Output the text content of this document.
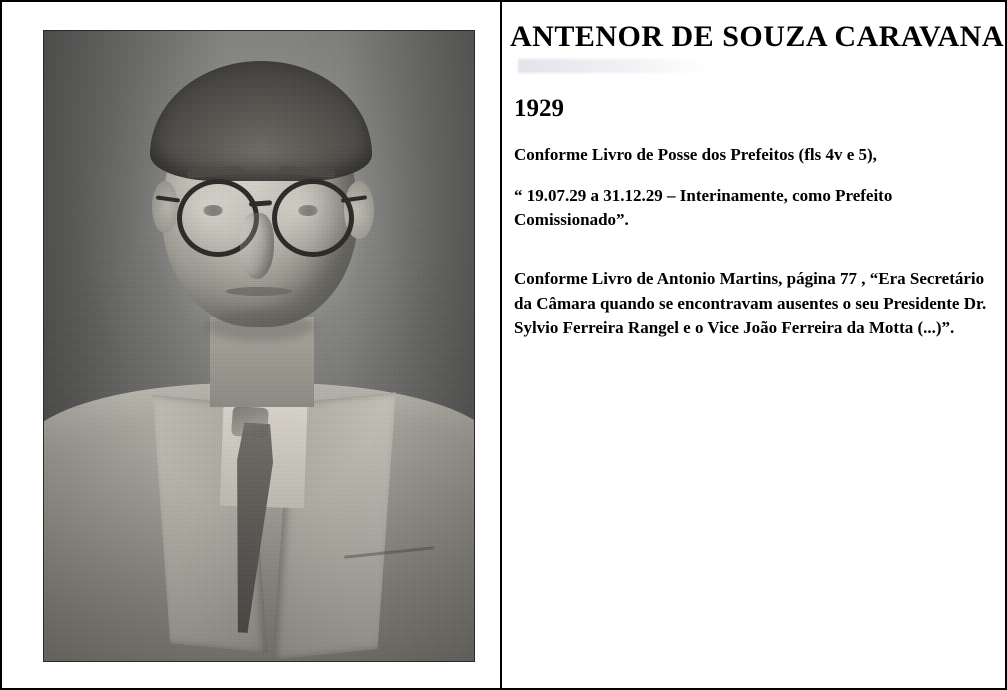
ANTENOR DE SOUZA CARAVANA
1929

Conforme Livro de Posse dos Prefeitos (fls 4v e 5),

“ 19.07.29 a 31.12.29 – Interinamente, como Prefeito Comissionado”.

Conforme Livro de Antonio Martins, página 77 , “Era Secretário da Câmara quando se encontravam ausentes o seu Presidente Dr. Sylvio Ferreira Rangel e o Vice João Ferreira da Motta (...)”.
